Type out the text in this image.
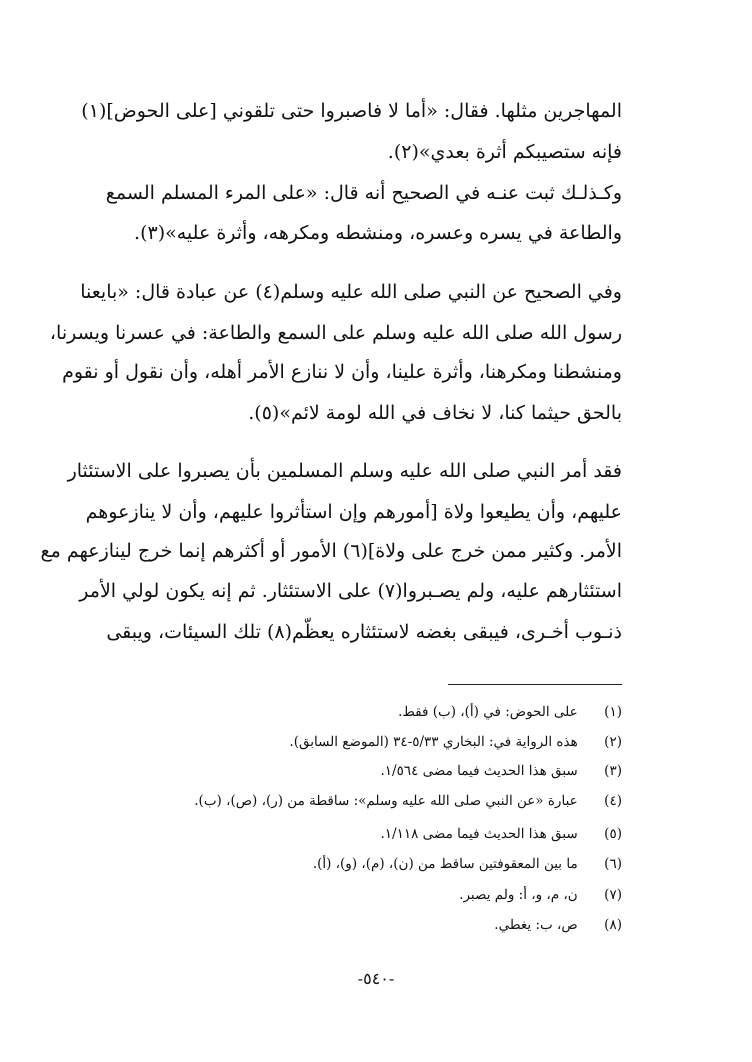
المهاجرين مثلها. فقال: «أما لا فاصبروا حتى تلقوني [على الحوض](١)
فإنه ستصيبكم أثرة بعدي»(٢).
وكـذلـك ثبت عنـه في الصحيح أنه قال: «على المرء المسلم السمع
والطاعة في يسره وعسره، ومنشطه ومكرهه، وأثرة عليه»(٣).
وفي الصحيح عن النبي صلى الله عليه وسلم(٤) عن عبادة قال: «بايعنا
رسول الله صلى الله عليه وسلم على السمع والطاعة: في عسرنا ويسرنا،
ومنشطنا ومكرهنا، وأثرة علينا، وأن لا ننازع الأمر أهله، وأن نقول أو نقوم
بالحق حيثما كنا، لا نخاف في الله لومة لائم»(٥).
فقد أمر النبي صلى الله عليه وسلم المسلمين بأن يصبروا على الاستئثار
عليهم، وأن يطيعوا ولاة [أمورهم وإن استأثروا عليهم، وأن لا ينازعوهم
الأمر. وكثير ممن خرج على ولاة](٦) الأمور أو أكثرهم إنما خرج لينازعهم مع
استئثارهم عليه، ولم يصـبروا(٧) على الاستئثار. ثم إنه يكون لولي الأمر
ذنـوب أخـرى، فيبقى بغضه لاستئثاره يعظّم(٨) تلك السيئات، ويبقى
(١) على الحوض: في (أ)، (ب) فقط.
(٢) هذه الرواية في: البخاري ٥/٣٣-٣٤ (الموضع السابق).
(٣) سبق هذا الحديث فيما مضى ١/٥٦٤.
(٤) عبارة «عن النبي صلى الله عليه وسلم»: ساقطة من (ر)، (ص)، (ب).
(٥) سبق هذا الحديث فيما مضى ١/١١٨.
(٦) ما بين المعقوفتين ساقط من (ن)، (م)، (و)، (أ).
(٧) ن، م، و، أ: ولم يصبر.
(٨) ص، ب: يغطي.
-٥٤٠-
